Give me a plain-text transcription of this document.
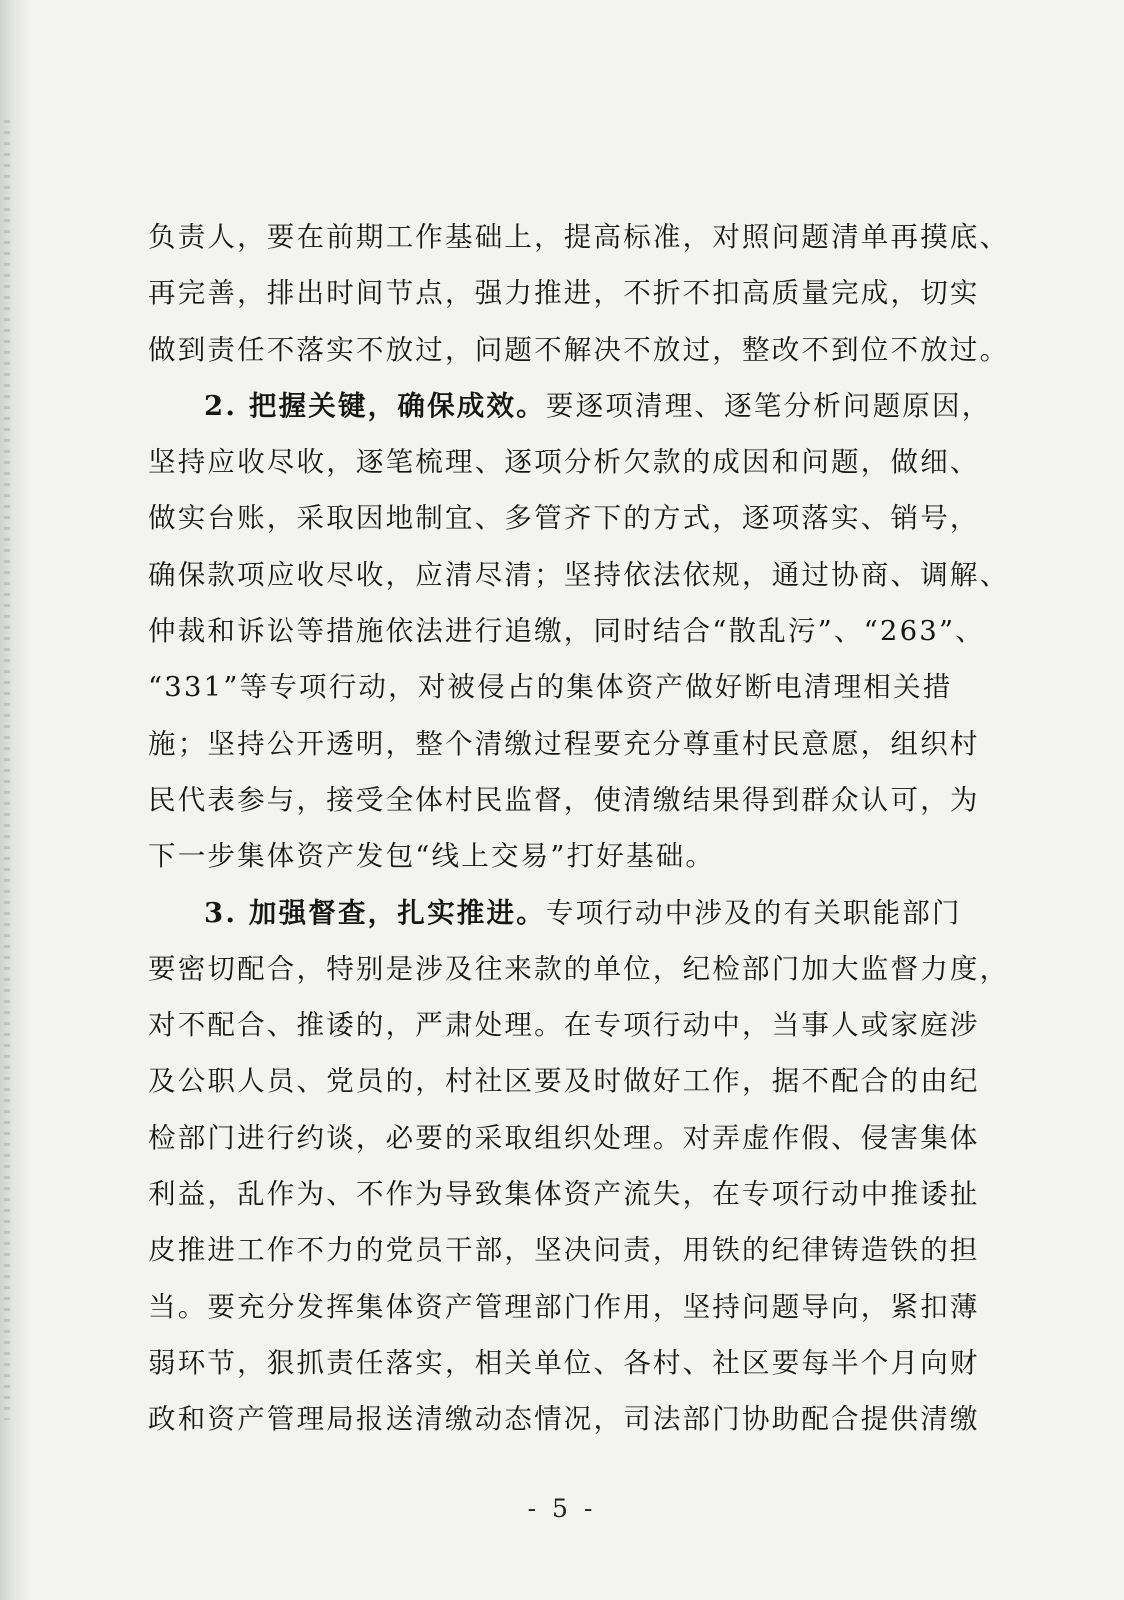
负责人，要在前期工作基础上，提高标准，对照问题清单再摸底、
再完善，排出时间节点，强力推进，不折不扣高质量完成，切实
做到责任不落实不放过，问题不解决不放过，整改不到位不放过。
2. 把握关键，确保成效。要逐项清理、逐笔分析问题原因，
坚持应收尽收，逐笔梳理、逐项分析欠款的成因和问题，做细、
做实台账，采取因地制宜、多管齐下的方式，逐项落实、销号，
确保款项应收尽收，应清尽清；坚持依法依规，通过协商、调解、
仲裁和诉讼等措施依法进行追缴，同时结合“散乱污”、“263”、
“331”等专项行动，对被侵占的集体资产做好断电清理相关措
施；坚持公开透明，整个清缴过程要充分尊重村民意愿，组织村
民代表参与，接受全体村民监督，使清缴结果得到群众认可，为
下一步集体资产发包“线上交易”打好基础。
3. 加强督查，扎实推进。专项行动中涉及的有关职能部门
要密切配合，特别是涉及往来款的单位，纪检部门加大监督力度，
对不配合、推诿的，严肃处理。在专项行动中，当事人或家庭涉
及公职人员、党员的，村社区要及时做好工作，据不配合的由纪
检部门进行约谈，必要的采取组织处理。对弄虚作假、侵害集体
利益，乱作为、不作为导致集体资产流失，在专项行动中推诿扯
皮推进工作不力的党员干部，坚决问责，用铁的纪律铸造铁的担
当。要充分发挥集体资产管理部门作用，坚持问题导向，紧扣薄
弱环节，狠抓责任落实，相关单位、各村、社区要每半个月向财
政和资产管理局报送清缴动态情况，司法部门协助配合提供清缴
- 5 -
